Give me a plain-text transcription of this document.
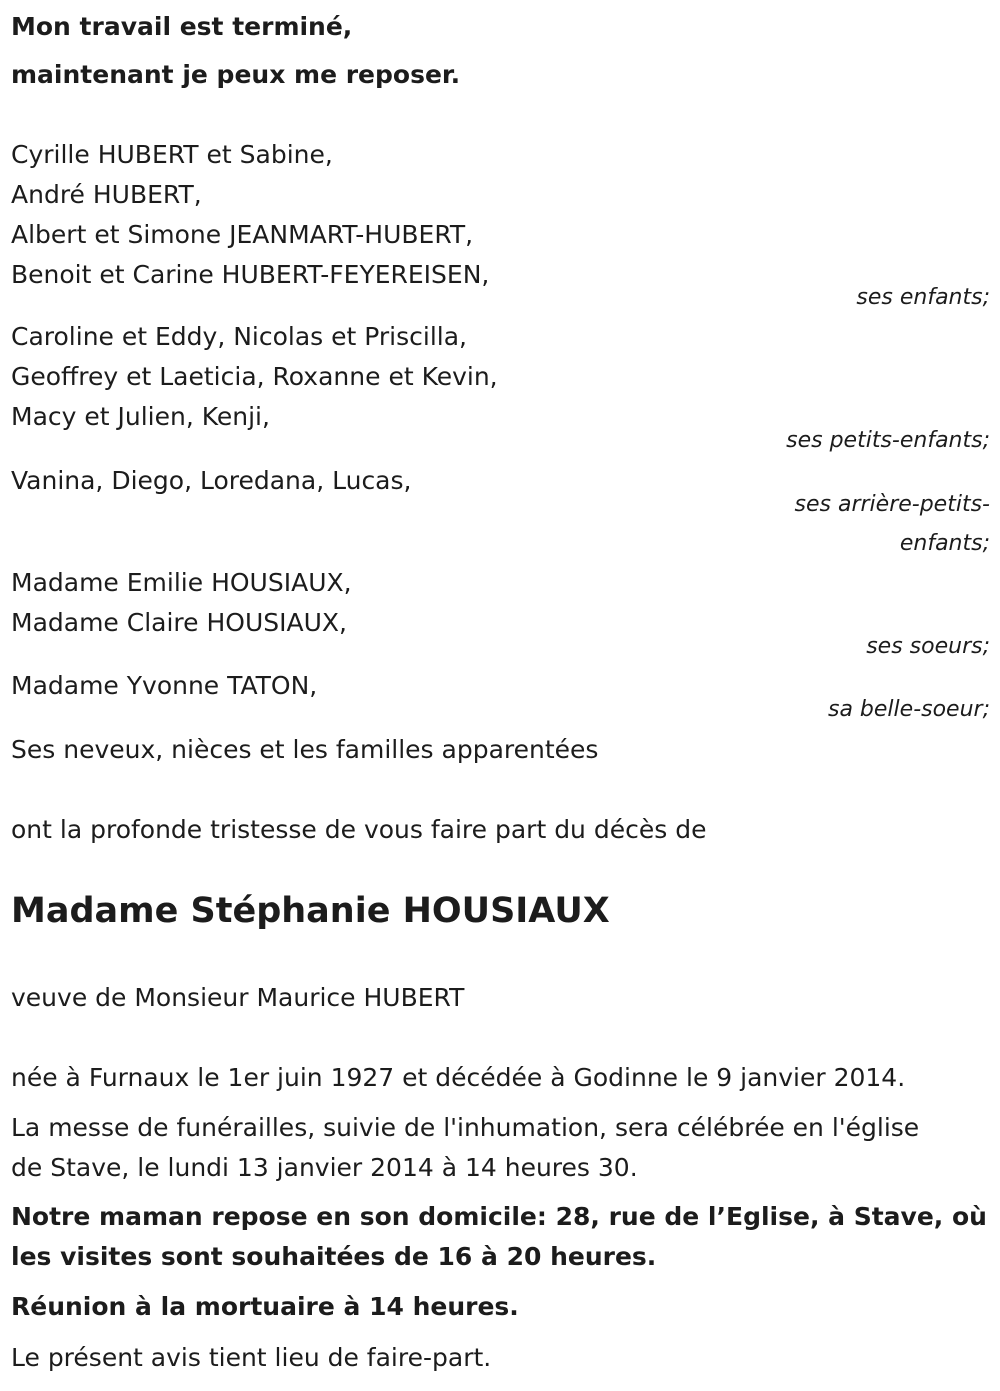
Mon travail est terminé,
maintenant je peux me reposer.
Cyrille HUBERT et Sabine,
André HUBERT,
Albert et Simone JEANMART-HUBERT,
Benoit et Carine HUBERT-FEYEREISEN,
ses enfants;
Caroline et Eddy, Nicolas et Priscilla,
Geoffrey et Laeticia, Roxanne et Kevin,
Macy et Julien, Kenji,
ses petits-enfants;
Vanina, Diego, Loredana, Lucas,
ses arrière-petits-
enfants;
Madame Emilie HOUSIAUX,
Madame Claire HOUSIAUX,
ses soeurs;
Madame Yvonne TATON,
sa belle-soeur;
Ses neveux, nièces et les familles apparentées
ont la profonde tristesse de vous faire part du décès de
Madame Stéphanie HOUSIAUX
veuve de Monsieur Maurice HUBERT
née à Furnaux le 1er juin 1927 et décédée à Godinne le 9 janvier 2014.
La messe de funérailles, suivie de l'inhumation, sera célébrée en l'église
de Stave, le lundi 13 janvier 2014 à 14 heures 30.
Notre maman repose en son domicile: 28, rue de l’Eglise, à Stave, où
les visites sont souhaitées de 16 à 20 heures.
Réunion à la mortuaire à 14 heures.
Le présent avis tient lieu de faire-part.
